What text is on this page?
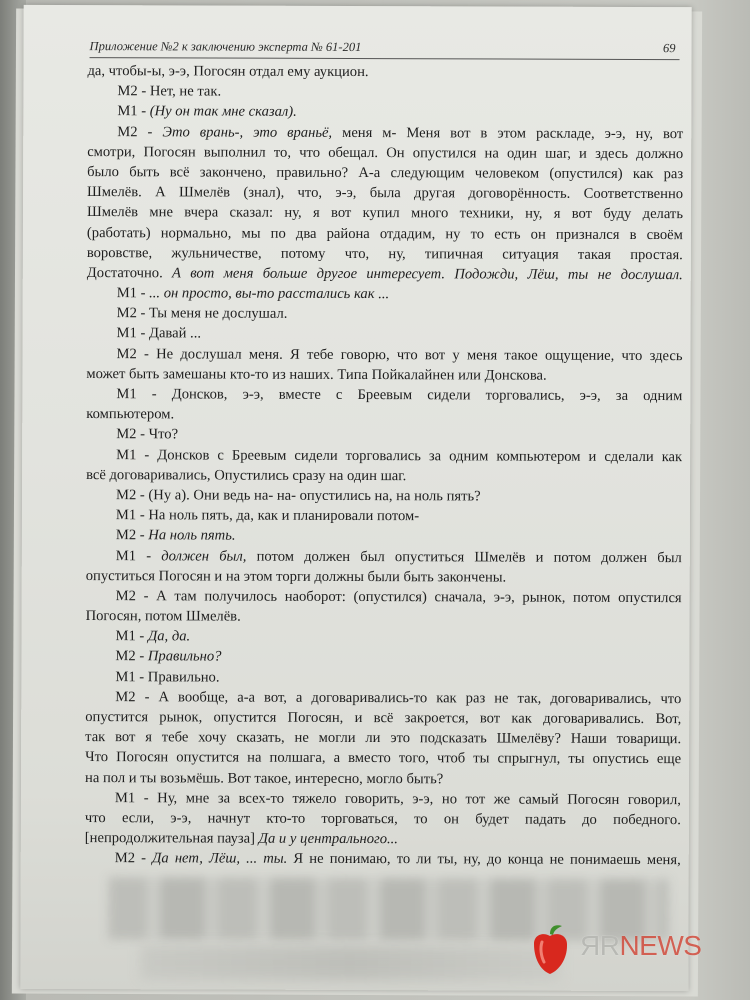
Приложение №2 к заключению эксперта № 61-201	69
да, чтобы-ы, э-э, Погосян отдал ему аукцион.
М2 - Нет, не так.
М1 - (Ну он так мне сказал).
М2 - Это врань-, это враньё, меня м- Меня вот в этом раскладе, э-э, ну, вот
смотри, Погосян выполнил то, что обещал. Он опустился на один шаг, и здесь должно
было быть всё закончено, правильно? А-а следующим человеком (опустился) как раз
Шмелёв. А Шмелёв (знал), что, э-э, была другая договорённость. Соответственно
Шмелёв мне вчера сказал: ну, я вот купил много техники, ну, я вот буду делать
(работать) нормально, мы по два района отдадим, ну то есть он признался в своём
воровстве, жульничестве, потому что, ну, типичная ситуация такая простая.
Достаточно. А вот меня больше другое интересует. Подожди, Лёш, ты не дослушал.
М1 - ... он просто, вы-то расстались как ...
М2 - Ты меня не дослушал.
М1 - Давай ...
М2 - Не дослушал меня. Я тебе говорю, что вот у меня такое ощущение, что здесь
может быть замешаны кто-то из наших. Типа Пойкалайнен или Донскова.
М1 - Донсков, э-э, вместе с Бреевым сидели торговались, э-э, за одним
компьютером.
М2 - Что?
М1 - Донсков с Бреевым сидели торговались за одним компьютером и сделали как
всё договаривались, Опустились сразу на один шаг.
М2 - (Ну а). Они ведь на- на- опустились на, на ноль пять?
М1 - На ноль пять, да, как и планировали потом-
М2 - На ноль пять.
М1 - должен был, потом должен был опуститься Шмелёв и потом должен был
опуститься Погосян и на этом торги должны были быть закончены.
М2 - А там получилось наоборот: (опустился) сначала, э-э, рынок, потом опустился
Погосян, потом Шмелёв.
М1 - Да, да.
М2 - Правильно?
М1 - Правильно.
М2 - А вообще, а-а вот, а договаривались-то как раз не так, договаривались, что
опустится рынок, опустится Погосян, и всё закроется, вот как договаривались. Вот,
так вот я тебе хочу сказать, не могли ли это подсказать Шмелёву? Наши товарищи.
Что Погосян опустится на полшага, а вместо того, чтоб ты спрыгнул, ты опустись еще
на пол и ты возьмёшь. Вот такое, интересно, могло быть?
М1 - Ну, мне за всех-то тяжело говорить, э-э, но тот же самый Погосян говорил,
что если, э-э, начнут кто-то торговаться, то он будет падать до победного.
[непродолжительная пауза] Да и у центрального...
М2 - Да нет, Лёш, ... ты. Я не понимаю, то ли ты, ну, до конца не понимаешь меня,
ЯRNEWS
